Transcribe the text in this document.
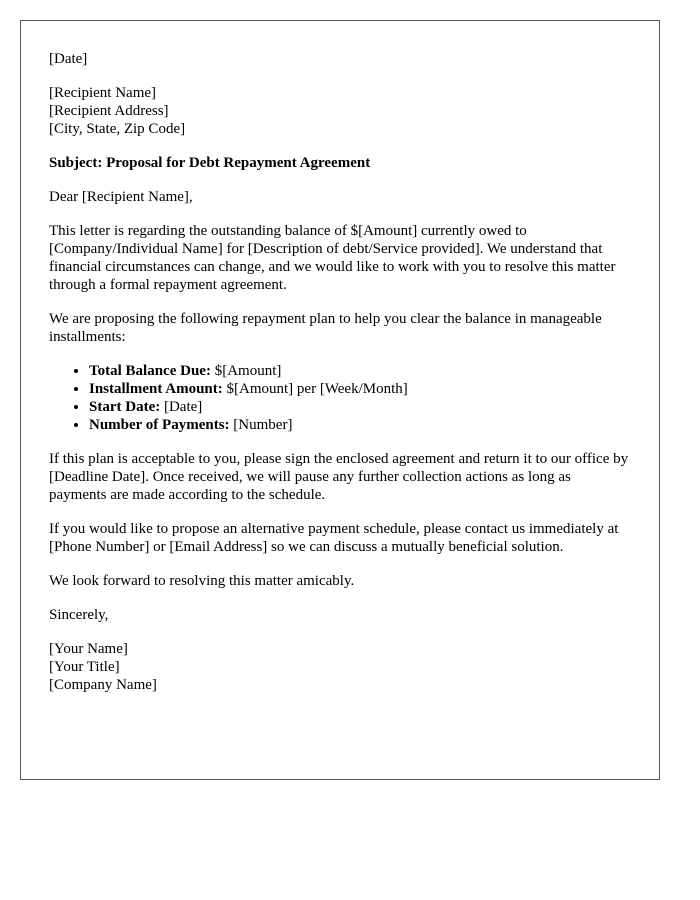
[Date]

[Recipient Name]
[Recipient Address]
[City, State, Zip Code]

Subject: Proposal for Debt Repayment Agreement

Dear [Recipient Name],

This letter is regarding the outstanding balance of $[Amount] currently owed to [Company/Individual Name] for [Description of debt/Service provided]. We understand that financial circumstances can change, and we would like to work with you to resolve this matter through a formal repayment agreement.

We are proposing the following repayment plan to help you clear the balance in manageable installments:

• Total Balance Due: $[Amount]
• Installment Amount: $[Amount] per [Week/Month]
• Start Date: [Date]
• Number of Payments: [Number]

If this plan is acceptable to you, please sign the enclosed agreement and return it to our office by [Deadline Date]. Once received, we will pause any further collection actions as long as payments are made according to the schedule.

If you would like to propose an alternative payment schedule, please contact us immediately at [Phone Number] or [Email Address] so we can discuss a mutually beneficial solution.

We look forward to resolving this matter amicably.

Sincerely,

[Your Name]
[Your Title]
[Company Name]
